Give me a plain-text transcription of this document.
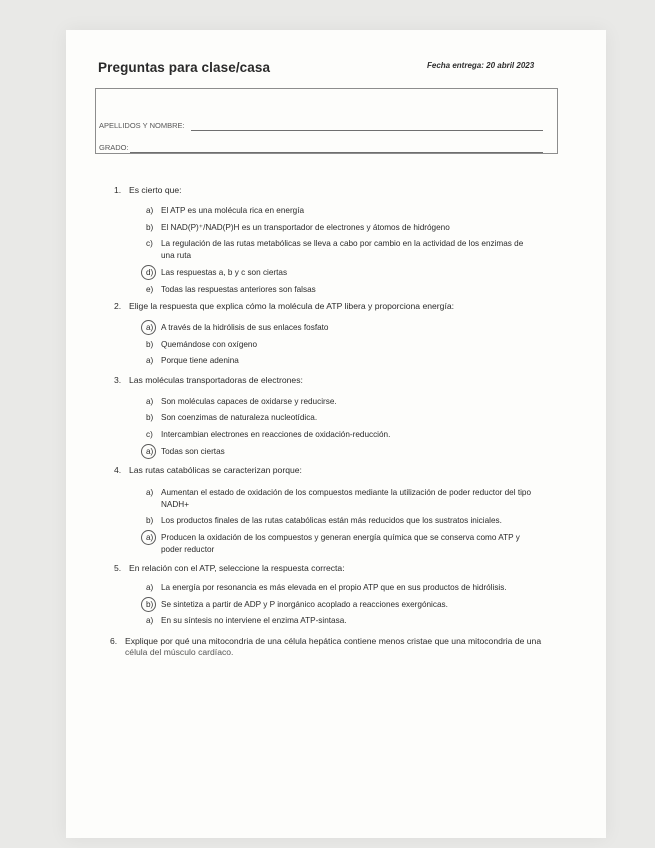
Preguntas para clase/casa	Fecha entrega: 20 abril 2023
APELLIDOS Y NOMBRE:
GRADO:
1. Es cierto que:
a) El ATP es una molécula rica en energía
b) El NAD(P)⁺/NAD(P)H es un transportador de electrones y átomos de hidrógeno
c) La regulación de las rutas metabólicas se lleva a cabo por cambio en la actividad de los enzimas de
una ruta
d) Las respuestas a, b y c son ciertas
e) Todas las respuestas anteriores son falsas
2. Elige la respuesta que explica cómo la molécula de ATP libera y proporciona energía:
a) A través de la hidrólisis de sus enlaces fosfato
b) Quemándose con oxígeno
a) Porque tiene adenina
3. Las moléculas transportadoras de electrones:
a) Son moléculas capaces de oxidarse y reducirse.
b) Son coenzimas de naturaleza nucleotídica.
c) Intercambian electrones en reacciones de oxidación-reducción.
a) Todas son ciertas
4. Las rutas catabólicas se caracterizan porque:
a) Aumentan el estado de oxidación de los compuestos mediante la utilización de poder reductor del tipo
NADH+
b) Los productos finales de las rutas catabólicas están más reducidos que los sustratos iniciales.
a) Producen la oxidación de los compuestos y generan energía química que se conserva como ATP y
poder reductor
5. En relación con el ATP, seleccione la respuesta correcta:
a) La energía por resonancia es más elevada en el propio ATP que en sus productos de hidrólisis.
b) Se sintetiza a partir de ADP y P inorgánico acoplado a reacciones exergónicas.
a) En su síntesis no interviene el enzima ATP-sintasa.
6. Explique por qué una mitocondria de una célula hepática contiene menos cristae que una mitocondria de una
célula del músculo cardíaco.
